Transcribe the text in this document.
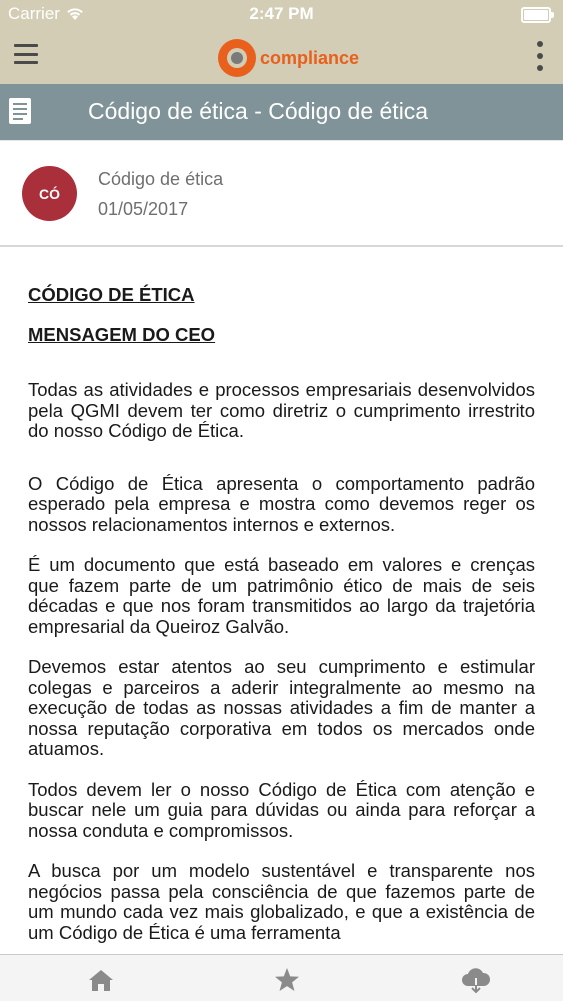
Carrier	2:47 PM
compliance
Código de ética - Código de ética
CÓ
Código de ética
01/05/2017
CÓDIGO DE ÉTICA
MENSAGEM DO CEO

Todas as atividades e processos empresariais desenvolvidos pela QGMI devem ter como diretriz o cumprimento irrestrito do nosso Código de Ética.

O Código de Ética apresenta o comportamento padrão esperado pela empresa e mostra como devemos reger os nossos relacionamentos internos e externos.

É um documento que está baseado em valores e crenças que fazem parte de um patrimônio ético de mais de seis décadas e que nos foram transmitidos ao largo da trajetória empresarial da Queiroz Galvão.

Devemos estar atentos ao seu cumprimento e estimular colegas e parceiros a aderir integralmente ao mesmo na execução de todas as nossas atividades a fim de manter a nossa reputação corporativa em todos os mercados onde atuamos.

Todos devem ler o nosso Código de Ética com atenção e buscar nele um guia para dúvidas ou ainda para reforçar a nossa conduta e compromissos.

A busca por um modelo sustentável e transparente nos negócios passa pela consciência de que fazemos parte de um mundo cada vez mais globalizado, e que a existência de um Código de Ética é uma ferramenta
